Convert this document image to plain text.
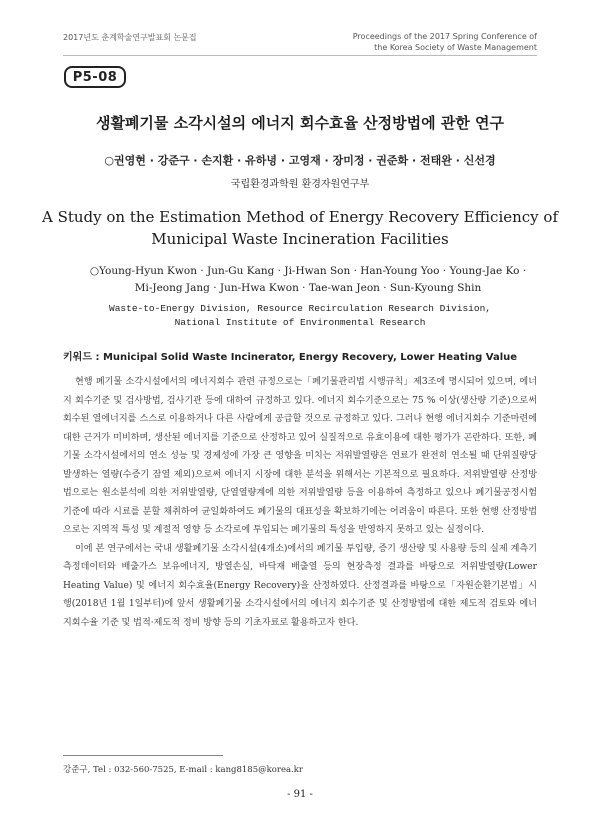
2017년도 춘계학술연구발표회 논문집	Proceedings of the 2017 Spring Conference of
the Korea Society of Waste Management
P5-08
생활폐기물 소각시설의 에너지 회수효율 산정방법에 관한 연구
○권영현 · 강준구 · 손지환 · 유하녕 · 고영재 · 장미정 · 권준화 · 전태완 · 신선경
국립환경과학원 환경자원연구부
A Study on the Estimation Method of Energy Recovery Efficiency of
Municipal Waste Incineration Facilities
○Young-Hyun Kwon · Jun-Gu Kang · Ji-Hwan Son · Han-Young Yoo · Young-Jae Ko ·
Mi-Jeong Jang · Jun-Hwa Kwon · Tae-wan Jeon · Sun-Kyoung Shin
Waste-to-Energy Division, Resource Recirculation Research Division,
National Institute of Environmental Research
키워드 : Municipal Solid Waste Incinerator, Energy Recovery, Lower Heating Value

현행 폐기물 소각시설에서의 에너지회수 관련 규정으로는「폐기물관리법 시행규칙」제3조에 명시되어 있으며, 에너지 회수기준 및 검사방법, 검사기관 등에 대하여 규정하고 있다. 에너지 회수기준으로는 75 % 이상(생산량 기준)으로써 회수된 열에너지를 스스로 이용하거나 다른 사람에게 공급할 것으로 규정하고 있다. 그러나 현행 에너지회수 기준마련에 대한 근거가 미비하며, 생산된 에너지를 기준으로 산정하고 있어 실질적으로 유효이용에 대한 평가가 곤란하다. 또한, 폐기물 소각시설에서의 연소 성능 및 경제성에 가장 큰 영향을 미치는 저위발열량은 연료가 완전히 연소될 때 단위질량당 발생하는 열량(수증기 잠열 제외)으로써 에너지 시장에 대한 분석을 위해서는 기본적으로 필요하다. 저위발열량 산정방법으로는 원소분석에 의한 저위발열량, 단열열량계에 의한 저위발열량 등을 이용하여 측정하고 있으나 폐기물공정시험 기준에 따라 시료를 분할 채취하여 균일화하여도 폐기물의 대표성을 확보하기에는 어려움이 따른다. 또한 현행 산정방법으로는 지역적 특성 및 계절적 영향 등 소각로에 투입되는 폐기물의 특성을 반영하지 못하고 있는 실정이다.

이에 본 연구에서는 국내 생활폐기물 소각시설(4개소)에서의 폐기물 투입량, 증기 생산량 및 사용량 등의 실제 계측기 측정데이터와 배출가스 보유에너지, 방열손실, 바닥재 배출열 등의 현장측정 결과를 바탕으로 저위발열량(Lower Heating Value) 및 에너지 회수효율(Energy Recovery)을 산정하였다. 산정결과를 바탕으로「자원순환기본법」시행(2018년 1월 1일부터)에 앞서 생활폐기물 소각시설에서의 에너지 회수기준 및 산정방법에 대한 제도적 검토와 에너지회수율 기준 및 법적·제도적 정비 방향 등의 기초자료로 활용하고자 한다.

강준구, Tel : 032-560-7525, E-mail : kang8185@korea.kr
- 91 -
